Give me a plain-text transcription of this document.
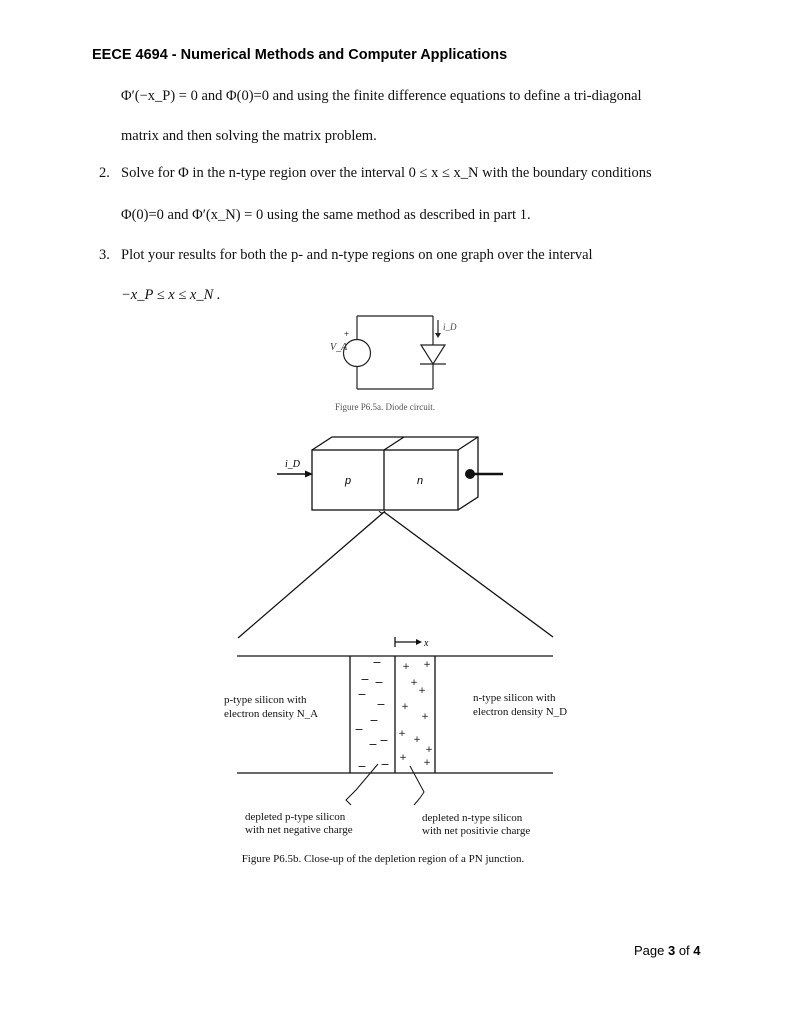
EECE 4694 - Numerical Methods and Computer Applications
Φ′(−x_P) = 0 and Φ(0)=0 and using the finite difference equations to define a tri-diagonal
matrix and then solving the matrix problem.
2. Solve for Φ in the n-type region over the interval 0 ≤ x ≤ x_N with the boundary conditions
Φ(0)=0 and Φ′(x_N) = 0 using the same method as described in part 1.
3. Plot your results for both the p- and n-type regions on one graph over the interval
−x_P ≤ x ≤ x_N .
+
V_A
i_D
Figure P6.5a. Diode circuit.
i_D
p	n
x
−
−
−
−
−
−
−
− −
−
−
+ +
+
+
+
+
+
+
+
+ +
p-type silicon with
electron density N_A
n-type silicon with
electron density N_D
depleted p-type silicon
with net negative charge
depleted n-type silicon
with net positivie charge
Figure P6.5b. Close-up of the depletion region of a PN junction.
Page 3 of 4
